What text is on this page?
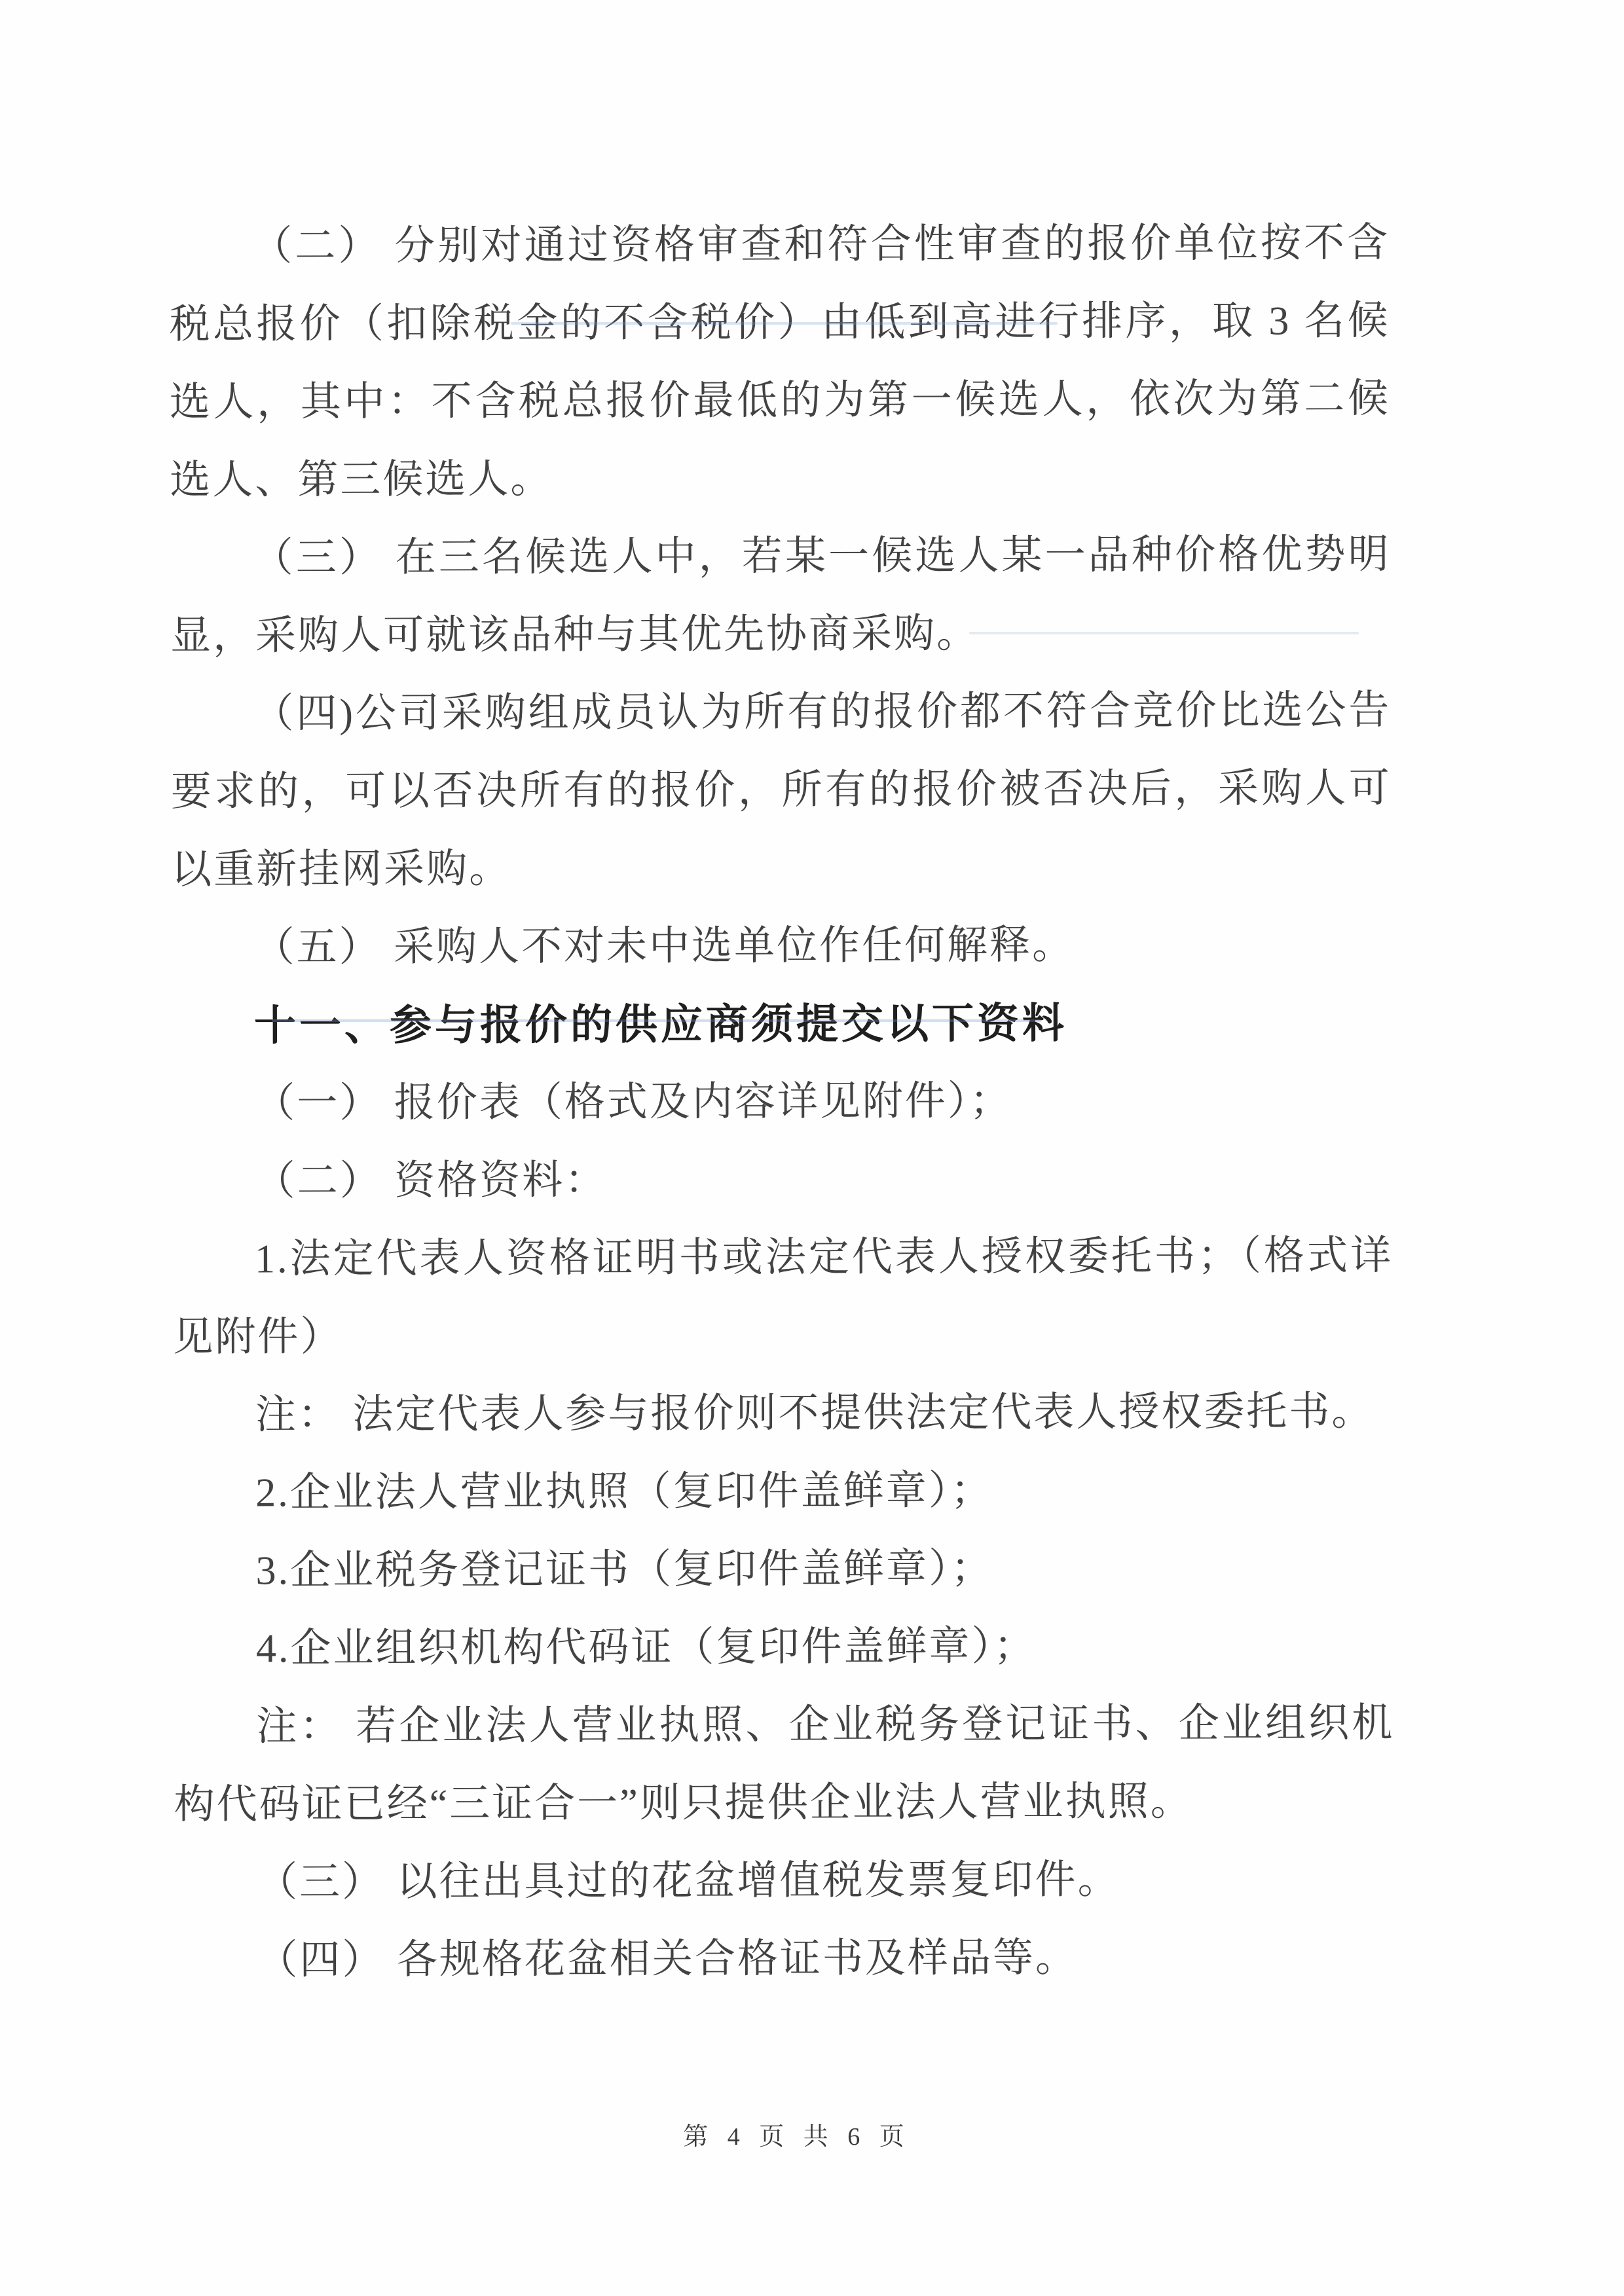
（二） 分别对通过资格审查和符合性审查的报价单位按不含
税总报价（扣除税金的不含税价）由低到高进行排序，取 3 名候
选人，其中：不含税总报价最低的为第一候选人，依次为第二候
选人、第三候选人。
（三） 在三名候选人中，若某一候选人某一品种价格优势明
显，采购人可就该品种与其优先协商采购。
（四)公司采购组成员认为所有的报价都不符合竞价比选公告
要求的，可以否决所有的报价，所有的报价被否决后，采购人可
以重新挂网采购。
（五） 采购人不对未中选单位作任何解释。
十一、参与报价的供应商须提交以下资料
（一） 报价表（格式及内容详见附件）；
（二） 资格资料：
1.法定代表人资格证明书或法定代表人授权委托书；（格式详
见附件）
注： 法定代表人参与报价则不提供法定代表人授权委托书。
2.企业法人营业执照（复印件盖鲜章）；
3.企业税务登记证书（复印件盖鲜章）；
4.企业组织机构代码证（复印件盖鲜章）；
注： 若企业法人营业执照、企业税务登记证书、企业组织机
构代码证已经“三证合一”则只提供企业法人营业执照。
（三） 以往出具过的花盆增值税发票复印件。
（四） 各规格花盆相关合格证书及样品等。
第 4 页 共 6 页
